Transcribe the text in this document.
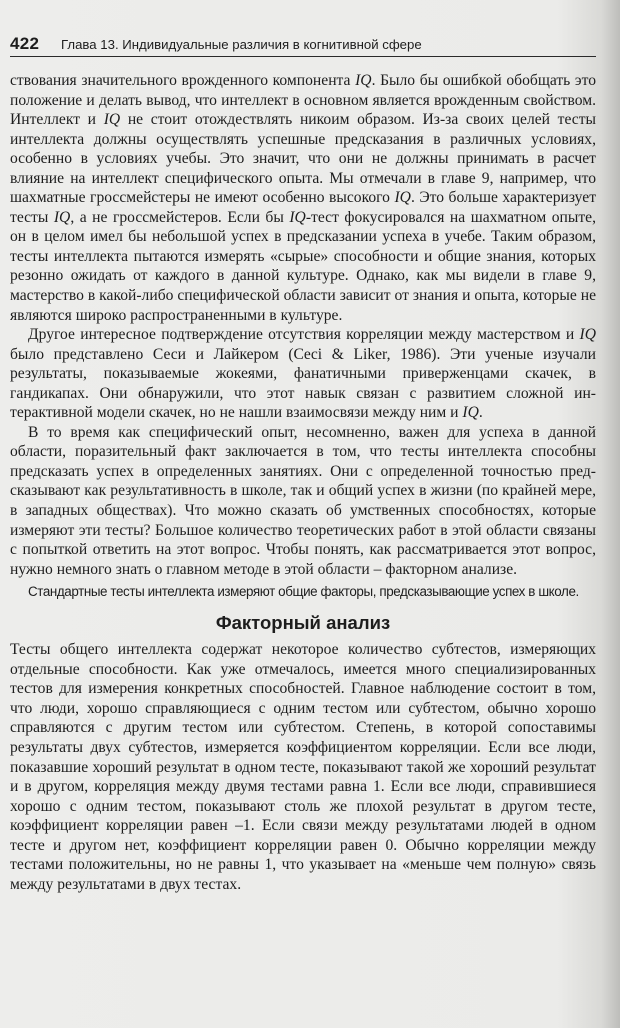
422 Глава 13. Индивидуальные различия в когнитивной сфере

ствования значительного врожденного компонента IQ. Было бы ошибкой обобщать это положение и делать вывод, что интеллект в основном является врожденным свойством. Интеллект и IQ не стоит отождествлять никоим образом. Из-за своих целей тесты интеллекта должны осуществлять успешные предсказания в различных условиях, особенно в условиях учебы. Это значит, что они не должны принимать в расчет влияние на интеллект специфического опыта. Мы отмечали в главе 9, например, что шахматные гроссмейстеры не имеют особенно высокого IQ. Это больше характеризует тесты IQ, а не гроссмейстеров. Если бы IQ-тест фокусировался на шахматном опыте, он в целом имел бы небольшой успех в предсказании успеха в учебе. Таким образом, тесты интеллекта пытаются измерять «сырые» способности и общие знания, которых резонно ожидать от каждого в данной культуре. Однако, как мы видели в главе 9, мастерство в какой-либо специфической области зависит от знания и опыта, которые не являются широко распространенными в культуре.

Другое интересное подтверждение отсутствия корреляции между мастерством и IQ было представлено Сеси и Лайкером (Ceci & Liker, 1986). Эти ученые изучали результаты, показываемые жокеями, фанатичными приверженцами скачек, в гандикапах. Они обнаружили, что этот навык связан с развитием сложной интерактивной модели скачек, но не нашли взаимосвязи между ним и IQ.

В то время как специфический опыт, несомненно, важен для успеха в данной области, поразительный факт заключается в том, что тесты интеллекта способны предсказать успех в определенных занятиях. Они с определенной точностью предсказывают как результативность в школе, так и общий успех в жизни (по крайней мере, в западных обществах). Что можно сказать об умственных способностях, которые измеряют эти тесты? Большое количество теоретических работ в этой области связаны с попыткой ответить на этот вопрос. Чтобы понять, как рассматривается этот вопрос, нужно немного знать о главном методе в этой области – факторном анализе.

Стандартные тесты интеллекта измеряют общие факторы, предсказывающие успех в школе.
Факторный анализ

Тесты общего интеллекта содержат некоторое количество субтестов, измеряющих отдельные способности. Как уже отмечалось, имеется много специализированных тестов для измерения конкретных способностей. Главное наблюдение состоит в том, что люди, хорошо справляющиеся с одним тестом или субтестом, обычно хорошо справляются с другим тестом или субтестом. Степень, в которой сопоставимы результаты двух субтестов, измеряется коэффициентом корреляции. Если все люди, показавшие хороший результат в одном тесте, показывают такой же хороший результат и в другом, корреляция между двумя тестами равна 1. Если все люди, справившиеся хорошо с одним тестом, показывают столь же плохой результат в другом тесте, коэффициент корреляции равен –1. Если связи между результатами людей в одном тесте и другом нет, коэффициент корреляции равен 0. Обычно корреляции между тестами положительны, но не равны 1, что указывает на «меньше чем полную» связь между результатами в двух тестах.
